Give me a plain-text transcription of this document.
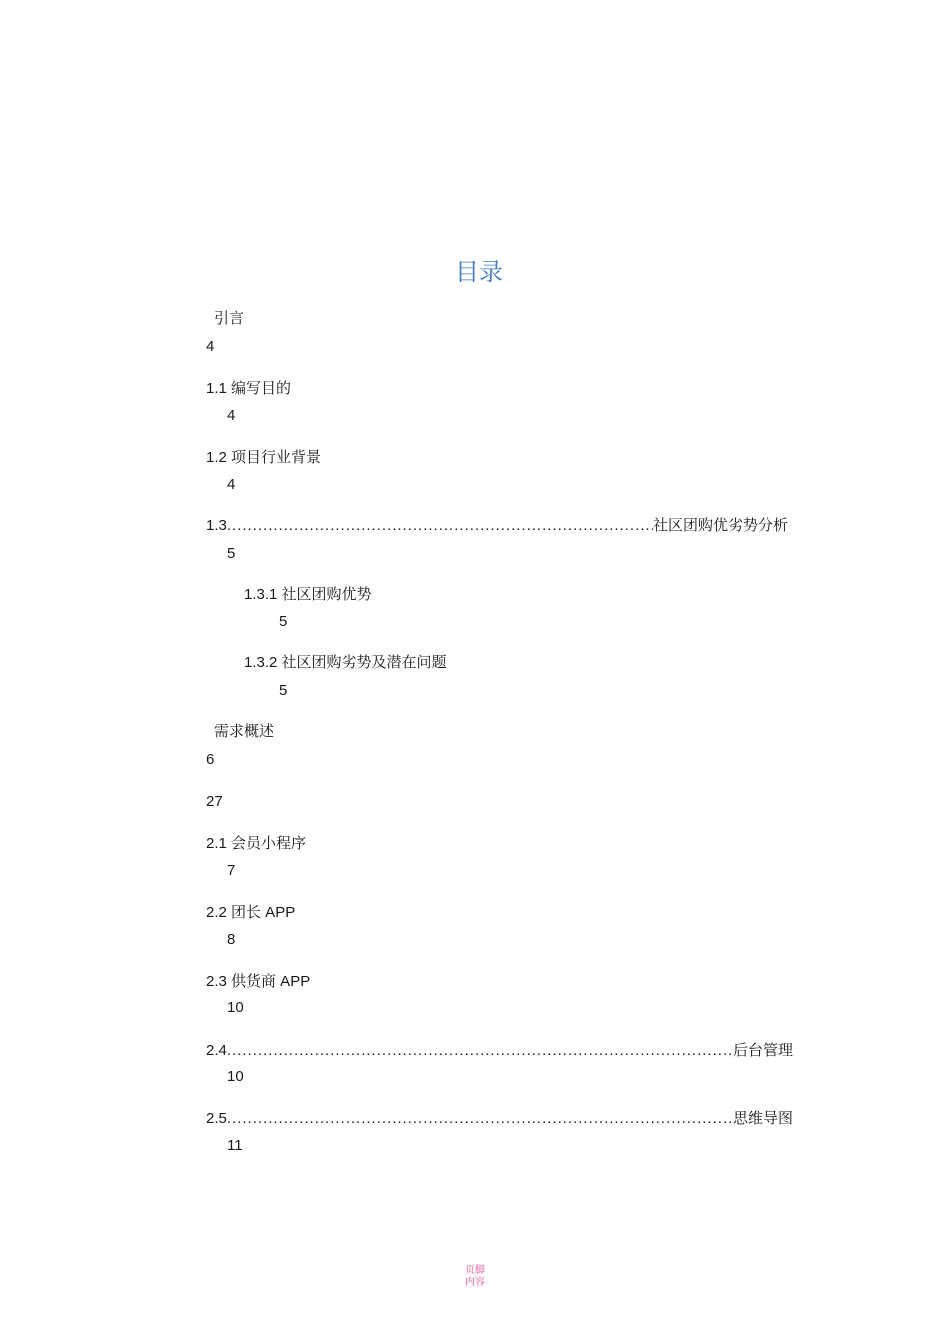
目录
引言
4
1.1 编写目的
4
1.2 项目行业背景
4
1.3 .....	社区团购优劣势分析
5
1.3.1 社区团购优势
5
1.3.2 社区团购劣势及潜在问题
5
需求概述
6
27
2.1 会员小程序
7
2.2 团长 APP
8
2.3 供货商 APP
10
2.4 .....	后台管理
10
2.5 .....	思维导图
11
页脚
内容
